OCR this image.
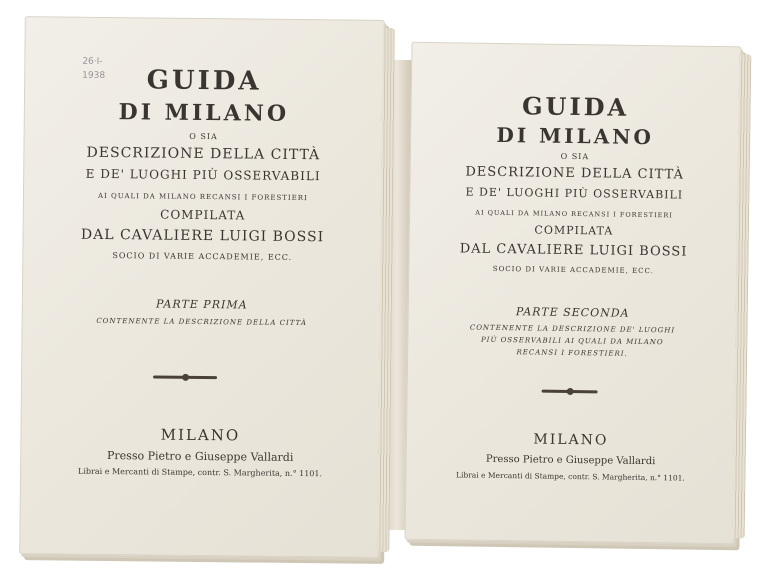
26·I-
1938	GUIDA
DI MILANO
O SIA
DESCRIZIONE DELLA CITTÀ
E DE' LUOGHI PIÙ OSSERVABILI
AI QUALI DA MILANO RECANSI I FORESTIERI
COMPILATA
DAL CAVALIERE LUIGI BOSSI
SOCIO DI VARIE ACCADEMIE, ECC.
PARTE PRIMA
CONTENENTE LA DESCRIZIONE DELLA CITTÀ
MILANO
Presso Pietro e Giuseppe Vallardi
Librai e Mercanti di Stampe, contr. S. Margherita, n.° 1101.
GUIDA
DI MILANO
O SIA
DESCRIZIONE DELLA CITTÀ
E DE' LUOGHI PIÙ OSSERVABILI
AI QUALI DA MILANO RECANSI I FORESTIERI
COMPILATA
DAL CAVALIERE LUIGI BOSSI
SOCIO DI VARIE ACCADEMIE, ECC.
PARTE SECONDA
CONTENENTE LA DESCRIZIONE DE' LUOGHI
PIÙ OSSERVABILI AI QUALI DA MILANO
RECANSI I FORESTIERI.
MILANO
Presso Pietro e Giuseppe Vallardi
Librai e Mercanti di Stampe, contr. S. Margherita, n.° 1101.
